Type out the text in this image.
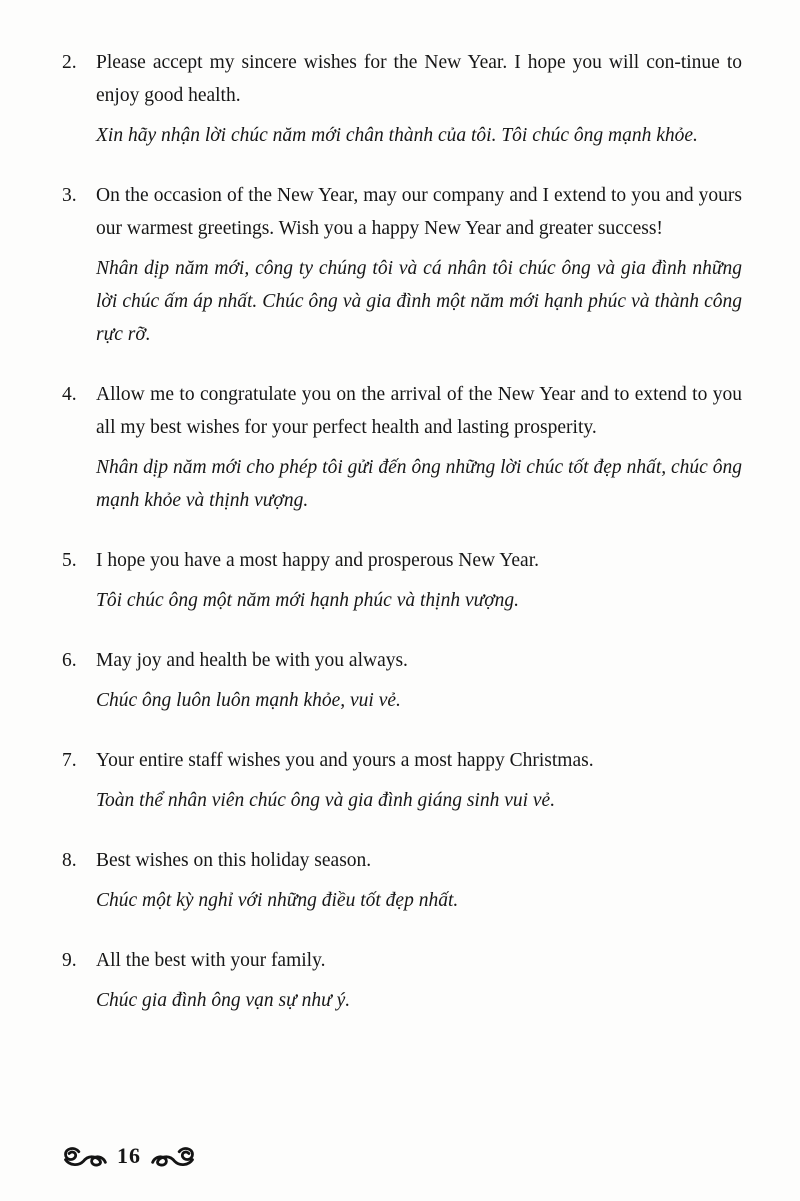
2. Please accept my sincere wishes for the New Year. I hope you will con-tinue to enjoy good health.
Xin hãy nhận lời chúc năm mới chân thành của tôi. Tôi chúc ông mạnh khỏe.
3. On the occasion of the New Year, may our company and I extend to you and yours our warmest greetings. Wish you a happy New Year and greater success!
Nhân dịp năm mới, công ty chúng tôi và cá nhân tôi chúc ông và gia đình những lời chúc ấm áp nhất. Chúc ông và gia đình một năm mới hạnh phúc và thành công rực rỡ.
4. Allow me to congratulate you on the arrival of the New Year and to extend to you all my best wishes for your perfect health and lasting prosperity.
Nhân dịp năm mới cho phép tôi gửi đến ông những lời chúc tốt đẹp nhất, chúc ông mạnh khỏe và thịnh vượng.
5. I hope you have a most happy and prosperous New Year.
Tôi chúc ông một năm mới hạnh phúc và thịnh vượng.
6. May joy and health be with you always.
Chúc ông luôn luôn mạnh khỏe, vui vẻ.
7. Your entire staff wishes you and yours a most happy Christmas.
Toàn thể nhân viên chúc ông và gia đình giáng sinh vui vẻ.
8. Best wishes on this holiday season.
Chúc một kỳ nghỉ với những điều tốt đẹp nhất.
9. All the best with your family.
Chúc gia đình ông vạn sự như ý.
16
